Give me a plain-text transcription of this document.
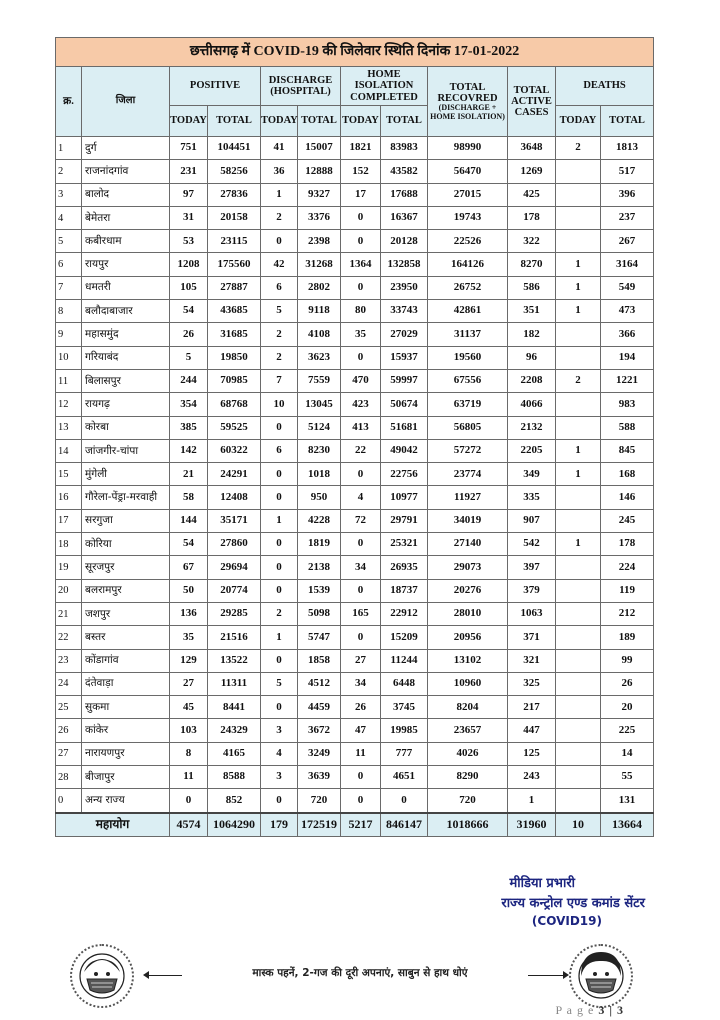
छत्तीसगढ़ में COVID-19 की जिलेवार स्थिति दिनांक 17-01-2022											
क्र.	जिला	POSITIVE		DISCHARGE
(HOSPITAL)		HOME ISOLATION
COMPLETED		TOTAL
RECOVRED
(DISCHARGE +
HOME ISOLATION)	TOTAL
ACTIVE
CASES	DEATHS	
		TODAY	TOTAL	TODAY	TOTAL	TODAY	TOTAL			TODAY	TOTAL
1	दुर्ग	751	104451	41	15007	1821	83983	98990	3648	2	1813
2	राजनांदगांव	231	58256	36	12888	152	43582	56470	1269		517
3	बालोद	97	27836	1	9327	17	17688	27015	425		396
4	बेमेतरा	31	20158	2	3376	0	16367	19743	178		237
5	कबीरधाम	53	23115	0	2398	0	20128	22526	322		267
6	रायपुर	1208	175560	42	31268	1364	132858	164126	8270	1	3164
7	धमतरी	105	27887	6	2802	0	23950	26752	586	1	549
8	बलौदाबाजार	54	43685	5	9118	80	33743	42861	351	1	473
9	महासमुंद	26	31685	2	4108	35	27029	31137	182		366
10	गरियाबंद	5	19850	2	3623	0	15937	19560	96		194
11	बिलासपुर	244	70985	7	7559	470	59997	67556	2208	2	1221
12	रायगढ़	354	68768	10	13045	423	50674	63719	4066		983
13	कोरबा	385	59525	0	5124	413	51681	56805	2132		588
14	जांजगीर-चांपा	142	60322	6	8230	22	49042	57272	2205	1	845
15	मुंगेली	21	24291	0	1018	0	22756	23774	349	1	168
16	गौरेला-पेंड्रा-मरवाही	58	12408	0	950	4	10977	11927	335		146
17	सरगुजा	144	35171	1	4228	72	29791	34019	907		245
18	कोरिया	54	27860	0	1819	0	25321	27140	542	1	178
19	सूरजपुर	67	29694	0	2138	34	26935	29073	397		224
20	बलरामपुर	50	20774	0	1539	0	18737	20276	379		119
21	जशपुर	136	29285	2	5098	165	22912	28010	1063		212
22	बस्तर	35	21516	1	5747	0	15209	20956	371		189
23	कोंडागांव	129	13522	0	1858	27	11244	13102	321		99
24	दंतेवाड़ा	27	11311	5	4512	34	6448	10960	325		26
25	सुकमा	45	8441	0	4459	26	3745	8204	217		20
26	कांकेर	103	24329	3	3672	47	19985	23657	447		225
27	नारायणपुर	8	4165	4	3249	11	777	4026	125		14
28	बीजापुर	11	8588	3	3639	0	4651	8290	243		55
0	अन्य राज्य	0	852	0	720	0	0	720	1		131
महायोग		4574	1064290	179	172519	5217	846147	1018666	31960	10	13664
मीडिया प्रभारी
राज्य कन्ट्रोल एण्ड कमांड सेंटर
(COVID19)
मास्क पहनें, 2-गज की दूरी अपनाएं, साबुन से हाथ धोएं
P a g e 3 | 3
